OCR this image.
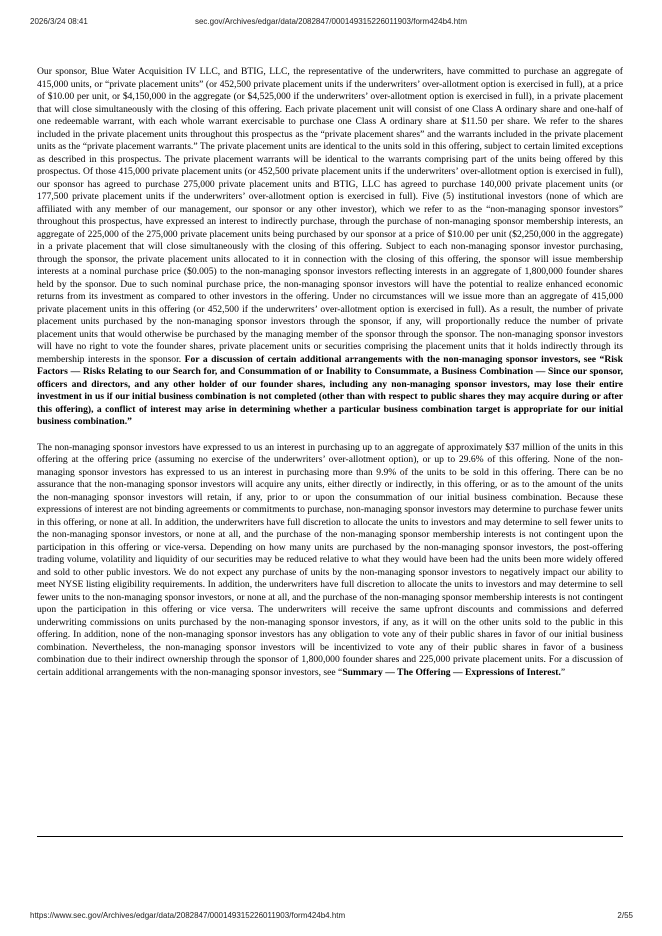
2026/3/24 08:41	sec.gov/Archives/edgar/data/2082847/000149315226011903/form424b4.htm

Our sponsor, Blue Water Acquisition IV LLC, and BTIG, LLC, the representative of the underwriters, have committed to purchase an aggregate of 415,000 units, or “private placement units” (or 452,500 private placement units if the underwriters’ over-allotment option is exercised in full), at a price of $10.00 per unit, or $4,150,000 in the aggregate (or $4,525,000 if the underwriters’ over-allotment option is exercised in full), in a private placement that will close simultaneously with the closing of this offering. Each private placement unit will consist of one Class A ordinary share and one-half of one redeemable warrant, with each whole warrant exercisable to purchase one Class A ordinary share at $11.50 per share. We refer to the shares included in the private placement units throughout this prospectus as the “private placement shares” and the warrants included in the private placement units as the “private placement warrants.” The private placement units are identical to the units sold in this offering, subject to certain limited exceptions as described in this prospectus. The private placement warrants will be identical to the warrants comprising part of the units being offered by this prospectus. Of those 415,000 private placement units (or 452,500 private placement units if the underwriters’ over-allotment option is exercised in full), our sponsor has agreed to purchase 275,000 private placement units and BTIG, LLC has agreed to purchase 140,000 private placement units (or 177,500 private placement units if the underwriters’ over-allotment option is exercised in full). Five (5) institutional investors (none of which are affiliated with any member of our management, our sponsor or any other investor), which we refer to as the “non-managing sponsor investors” throughout this prospectus, have expressed an interest to indirectly purchase, through the purchase of non-managing sponsor membership interests, an aggregate of 225,000 of the 275,000 private placement units being purchased by our sponsor at a price of $10.00 per unit ($2,250,000 in the aggregate) in a private placement that will close simultaneously with the closing of this offering. Subject to each non-managing sponsor investor purchasing, through the sponsor, the private placement units allocated to it in connection with the closing of this offering, the sponsor will issue membership interests at a nominal purchase price ($0.005) to the non-managing sponsor investors reflecting interests in an aggregate of 1,800,000 founder shares held by the sponsor. Due to such nominal purchase price, the non-managing sponsor investors will have the potential to realize enhanced economic returns from its investment as compared to other investors in the offering. Under no circumstances will we issue more than an aggregate of 415,000 private placement units in this offering (or 452,500 if the underwriters’ over-allotment option is exercised in full). As a result, the number of private placement units purchased by the non-managing sponsor investors through the sponsor, if any, will proportionally reduce the number of private placement units that would otherwise be purchased by the managing member of the sponsor through the sponsor. The non-managing sponsor investors will have no right to vote the founder shares, private placement units or securities comprising the placement units that it holds indirectly through its membership interests in the sponsor. For a discussion of certain additional arrangements with the non-managing sponsor investors, see “Risk Factors — Risks Relating to our Search for, and Consummation of or Inability to Consummate, a Business Combination — Since our sponsor, officers and directors, and any other holder of our founder shares, including any non-managing sponsor investors, may lose their entire investment in us if our initial business combination is not completed (other than with respect to public shares they may acquire during or after this offering), a conflict of interest may arise in determining whether a particular business combination target is appropriate for our initial business combination.”

The non-managing sponsor investors have expressed to us an interest in purchasing up to an aggregate of approximately $37 million of the units in this offering at the offering price (assuming no exercise of the underwriters’ over-allotment option), or up to 29.6% of this offering. None of the non-managing sponsor investors has expressed to us an interest in purchasing more than 9.9% of the units to be sold in this offering. There can be no assurance that the non-managing sponsor investors will acquire any units, either directly or indirectly, in this offering, or as to the amount of the units the non-managing sponsor investors will retain, if any, prior to or upon the consummation of our initial business combination. Because these expressions of interest are not binding agreements or commitments to purchase, non-managing sponsor investors may determine to purchase fewer units in this offering, or none at all. In addition, the underwriters have full discretion to allocate the units to investors and may determine to sell fewer units to the non-managing sponsor investors, or none at all, and the purchase of the non-managing sponsor membership interests is not contingent upon the participation in this offering or vice-versa. Depending on how many units are purchased by the non-managing sponsor investors, the post-offering trading volume, volatility and liquidity of our securities may be reduced relative to what they would have been had the units been more widely offered and sold to other public investors. We do not expect any purchase of units by the non-managing sponsor investors to negatively impact our ability to meet NYSE listing eligibility requirements. In addition, the underwriters have full discretion to allocate the units to investors and may determine to sell fewer units to the non-managing sponsor investors, or none at all, and the purchase of the non-managing sponsor membership interests is not contingent upon the participation in this offering or vice versa. The underwriters will receive the same upfront discounts and commissions and deferred underwriting commissions on units purchased by the non-managing sponsor investors, if any, as it will on the other units sold to the public in this offering. In addition, none of the non-managing sponsor investors has any obligation to vote any of their public shares in favor of our initial business combination. Nevertheless, the non-managing sponsor investors will be incentivized to vote any of their public shares in favor of a business combination due to their indirect ownership through the sponsor of 1,800,000 founder shares and 225,000 private placement units. For a discussion of certain additional arrangements with the non-managing sponsor investors, see “Summary — The Offering — Expressions of Interest.”

https://www.sec.gov/Archives/edgar/data/2082847/000149315226011903/form424b4.htm	2/55
